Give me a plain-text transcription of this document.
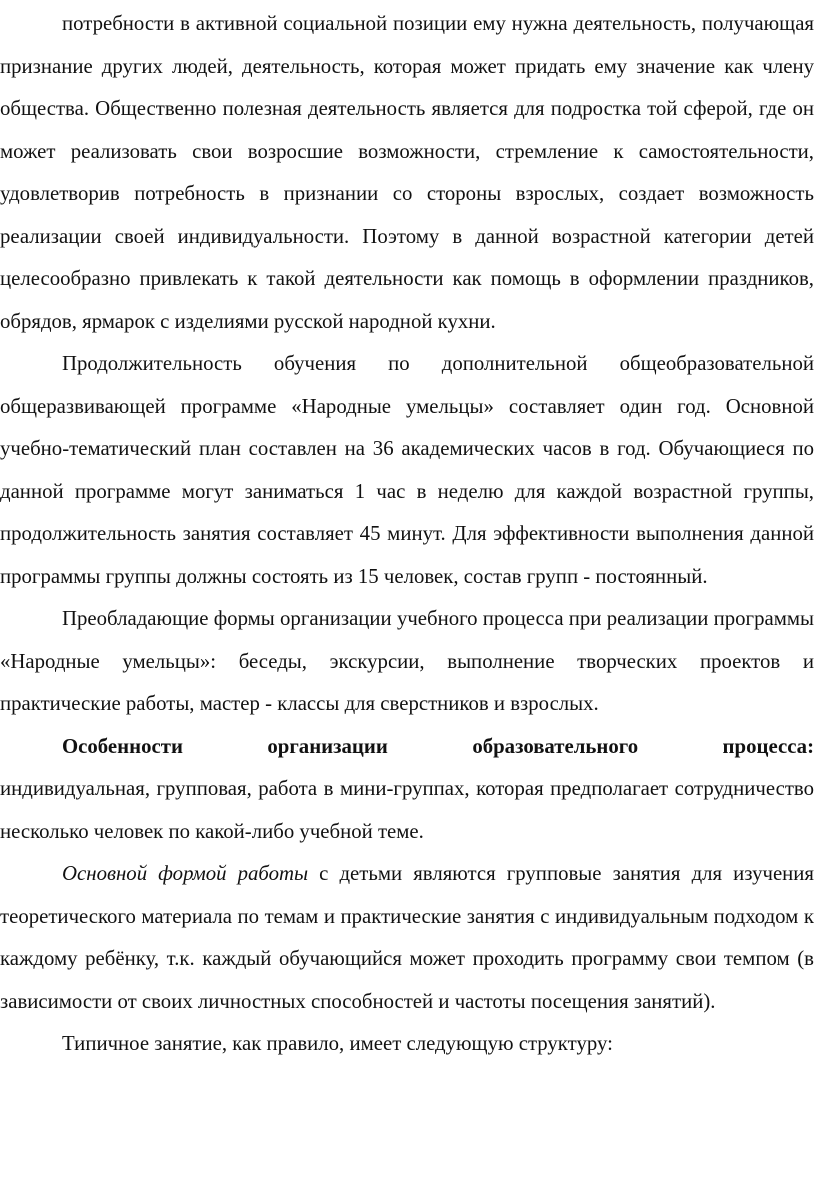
потребности в активной социальной позиции ему нужна деятельность, получающая признание других людей, деятельность, которая может придать ему значение как члену общества. Общественно полезная деятельность является для подростка той сферой, где он может реализовать свои возросшие возможности, стремление к самостоятельности, удовлетворив потребность в признании со стороны взрослых, создает возможность реализации своей индивидуальности. Поэтому в данной возрастной категории детей целесообразно привлекать к такой деятельности как помощь в оформлении праздников, обрядов, ярмарок с изделиями русской народной кухни.

Продолжительность обучения по дополнительной общеобразовательной общеразвивающей программе «Народные умельцы» составляет один год. Основной учебно-тематический план составлен на 36 академических часов в год. Обучающиеся по данной программе могут заниматься 1 час в неделю для каждой возрастной группы, продолжительность занятия составляет 45 минут. Для эффективности выполнения данной программы группы должны состоять из 15 человек, состав групп - постоянный.

Преобладающие формы организации учебного процесса при реализации программы «Народные умельцы»: беседы, экскурсии, выполнение творческих проектов и практические работы, мастер - классы для сверстников и взрослых.

Особенности организации образовательного процесса:

индивидуальная, групповая, работа в мини-группах, которая предполагает сотрудничество несколько человек по какой-либо учебной теме.

Основной формой работы с детьми являются групповые занятия для изучения теоретического материала по темам и практические занятия с индивидуальным подходом к каждому ребёнку, т.к. каждый обучающийся может проходить программу свои темпом (в зависимости от своих личностных способностей и частоты посещения занятий).

Типичное занятие, как правило, имеет следующую структуру:
